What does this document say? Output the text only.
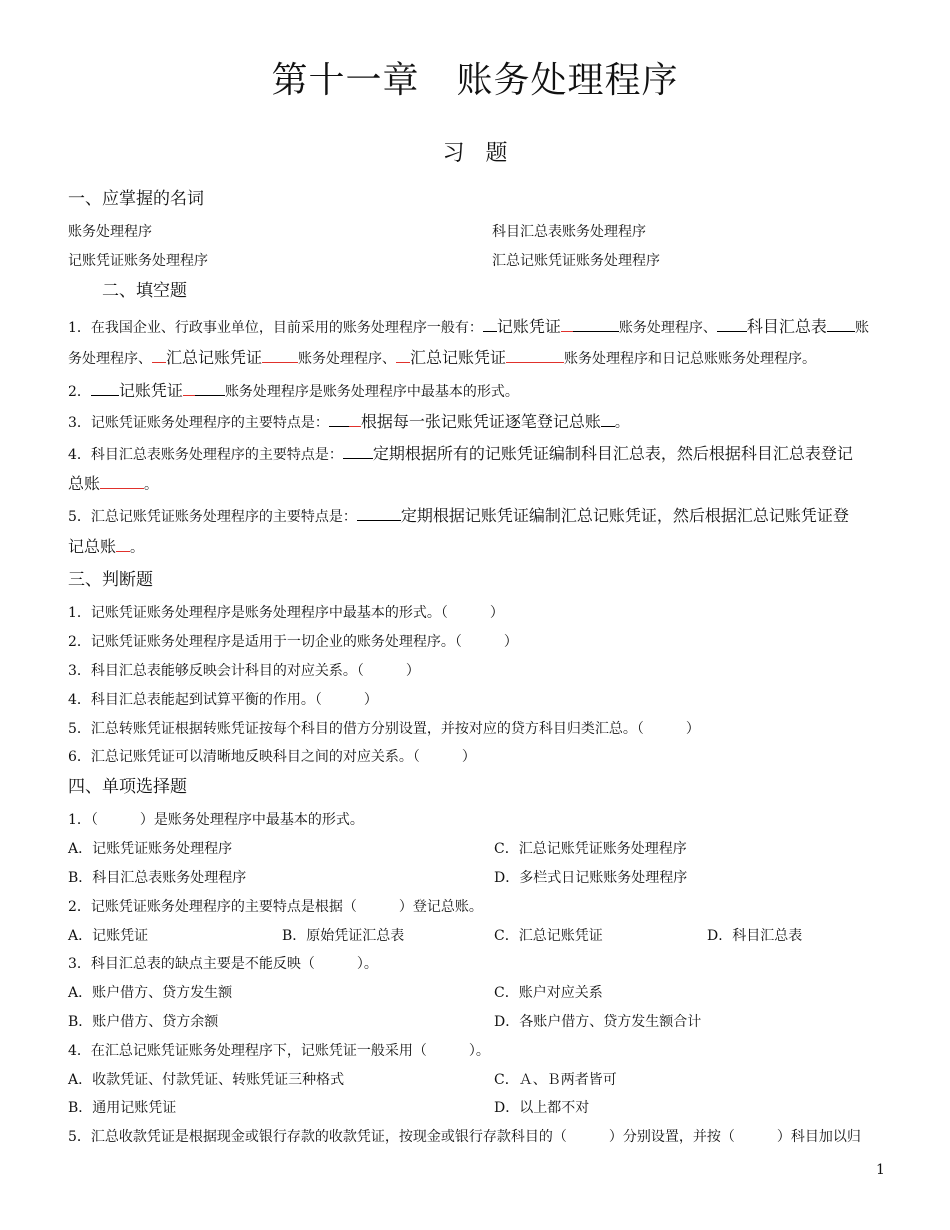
第十一章　账务处理程序
习 题
一、应掌握的名词
账务处理程序	科目汇总表账务处理程序
记账凭证账务处理程序	汇总记账凭证账务处理程序
二、填空题
1．在我国企业、行政事业单位，目前采用的账务处理程序一般有： 记账凭证	账务处理程序、 科目汇总表 账
务处理程序、 汇总记账凭证	账务处理程序、 汇总记账凭证	账务处理程序和日记总账账务处理程序。
2． 记账凭证	账务处理程序是账务处理程序中最基本的形式。
3．记账凭证账务处理程序的主要特点是： 根据每一张记账凭证逐笔登记总账 。
4．科目汇总表账务处理程序的主要特点是： 定期根据所有的记账凭证编制科目汇总表，然后根据科目汇总表登记
总账	。
5．汇总记账凭证账务处理程序的主要特点是：	定期根据记账凭证编制汇总记账凭证，然后根据汇总记账凭证登
记总账 。
三、判断题
1．记账凭证账务处理程序是账务处理程序中最基本的形式。（　　　）
2．记账凭证账务处理程序是适用于一切企业的账务处理程序。（　　　）
3．科目汇总表能够反映会计科目的对应关系。（　　　）
4．科目汇总表能起到试算平衡的作用。（　　　）
5．汇总转账凭证根据转账凭证按每个科目的借方分别设置，并按对应的贷方科目归类汇总。（　　　）
6．汇总记账凭证可以清晰地反映科目之间的对应关系。（　　　）
四、单项选择题
1．（　　　）是账务处理程序中最基本的形式。
A．记账凭证账务处理程序	C．汇总记账凭证账务处理程序
B．科目汇总表账务处理程序	D．多栏式日记账账务处理程序
2．记账凭证账务处理程序的主要特点是根据（　　　）登记总账。
A．记账凭证	B．原始凭证汇总表	C．汇总记账凭证	D．科目汇总表
3．科目汇总表的缺点主要是不能反映（　　　）。
A．账户借方、贷方发生额	C．账户对应关系
B．账户借方、贷方余额	D．各账户借方、贷方发生额合计
4．在汇总记账凭证账务处理程序下，记账凭证一般采用（　　　）。
A．收款凭证、付款凭证、转账凭证三种格式	C．Ａ、Ｂ两者皆可
B．通用记账凭证	D．以上都不对
5．汇总收款凭证是根据现金或银行存款的收款凭证，按现金或银行存款科目的（　　　）分别设置，并按（　　　）科目加以归
1
